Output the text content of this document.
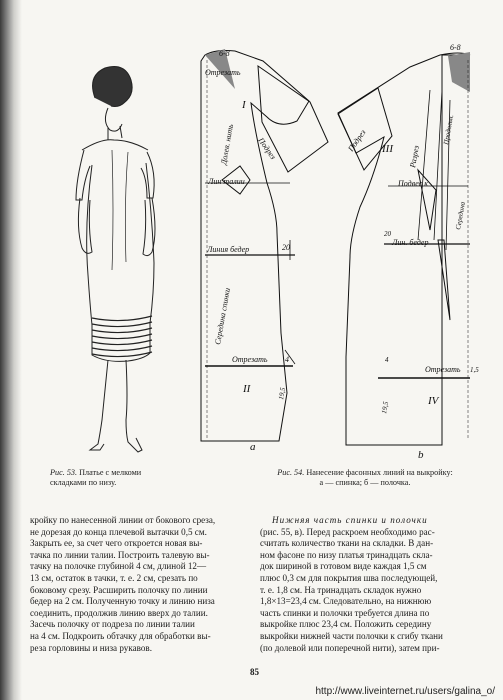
6-8
Отрезать
I
Долев. нить	Подрез
Лин талии
Линия бедер	20
Середина спинки
Отрезать 4
II	19,5
a
6-8
III
Подрез
Разрез
Продольн.
Середина
Подвес к
20
Лин. бедер
4
Отрезать 1,5
IV
19,5
b
Рис. 53. Платье с мелкоми складками по низу.
Рис. 54. Нанесение фасонных линий на выкройку:
а — спинка; б — полочка.

кройку по нанесенной линии от бокового среза,

не дорезая до конца плечевой вытачки 0,5 см.

Закрыть ее, за счет чего откроется новая вы-

тачка по линии талии. Построить талевую вы-

тачку на полочке глубиной 4 см, длиной 12—

13 см, остаток в тачки, т. е. 2 см, срезать по

боковому срезу. Расширить полочку по линии

бедер на 2 см. Полученную точку и линию низа

соединить, продолжив линию вверх до талии.

Засечь полочку от подреза по линии талии

на 4 см. Подкроить обтачку для обработки вы-

реза горловины и низа рукавов.

Нижняя часть спинки и полочки

(рис. 55, в). Перед раскроем необходимо рас-

считать количество ткани на складки. В дан-

ном фасоне по низу платья тринадцать скла-

док шириной в готовом виде каждая 1,5 см

плюс 0,3 см для покрытия шва последующей,

т. е. 1,8 см. На тринадцать складок нужно

1,8×13=23,4 см. Следовательно, на нижнюю

часть спинки и полочки требуется длина по

выкройке плюс 23,4 см. Положить середину

выкройки нижней части полочки к сгибу ткани

(по долевой или поперечной нити), затем при-

85
http://www.liveinternet.ru/users/galina_o/
